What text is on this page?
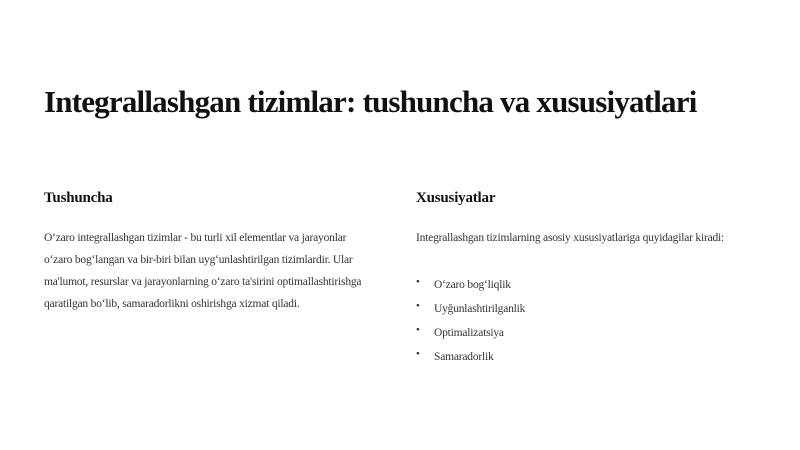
Integrallashgan tizimlar: tushuncha va xususiyatlari
Tushuncha

O‘zaro integrallashgan tizimlar - bu turli xil elementlar va jarayonlar o‘zaro bog‘langan va bir-biri bilan uyg‘unlashtirilgan tizimlardir. Ular ma'lumot, resurslar va jarayonlarning o‘zaro ta'sirini optimallashtirishga qaratilgan bo‘lib, samaradorlikni oshirishga xizmat qiladi.

Xususiyatlar

Integrallashgan tizimlarning asosiy xususiyatlariga quyidagilar kiradi:

• O‘zaro bog‘liqlik
• Uyğunlashtirilganlik
• Optimalizatsiya
• Samaradorlik
